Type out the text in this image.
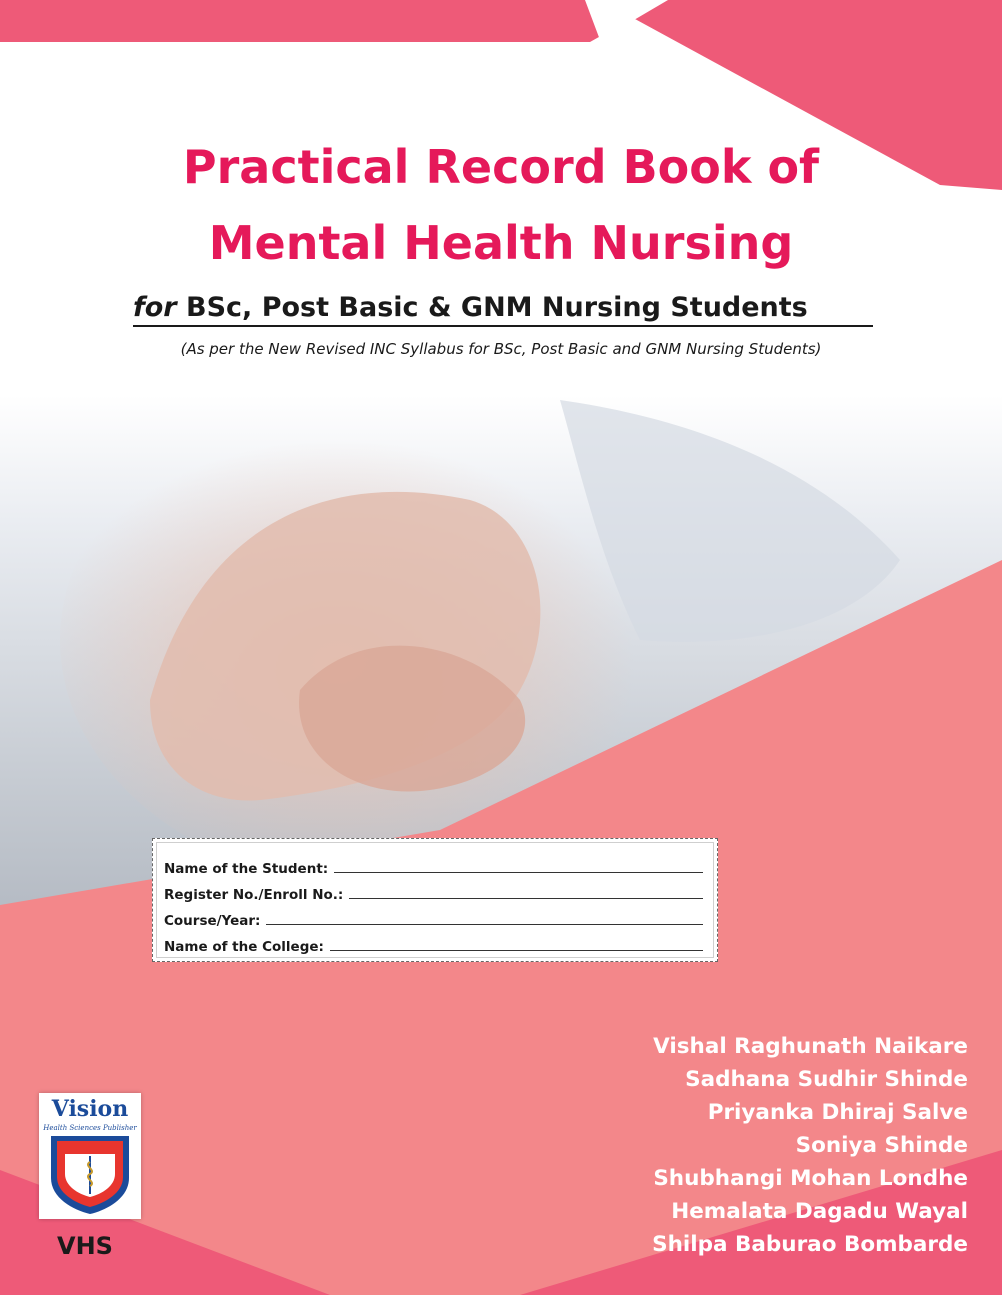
Practical Record Book of
Mental Health Nursing
for BSc, Post Basic & GNM Nursing Students
(As per the New Revised INC Syllabus for BSc, Post Basic and GNM Nursing Students)
Name of the Student:
Register No./Enroll No.:
Course/Year:
Name of the College:
Vishal Raghunath Naikare
Sadhana Sudhir Shinde
Priyanka Dhiraj Salve
Soniya Shinde
Shubhangi Mohan Londhe
Hemalata Dagadu Wayal
Shilpa Baburao Bombarde
Vision
Health Sciences Publisher
VHS
